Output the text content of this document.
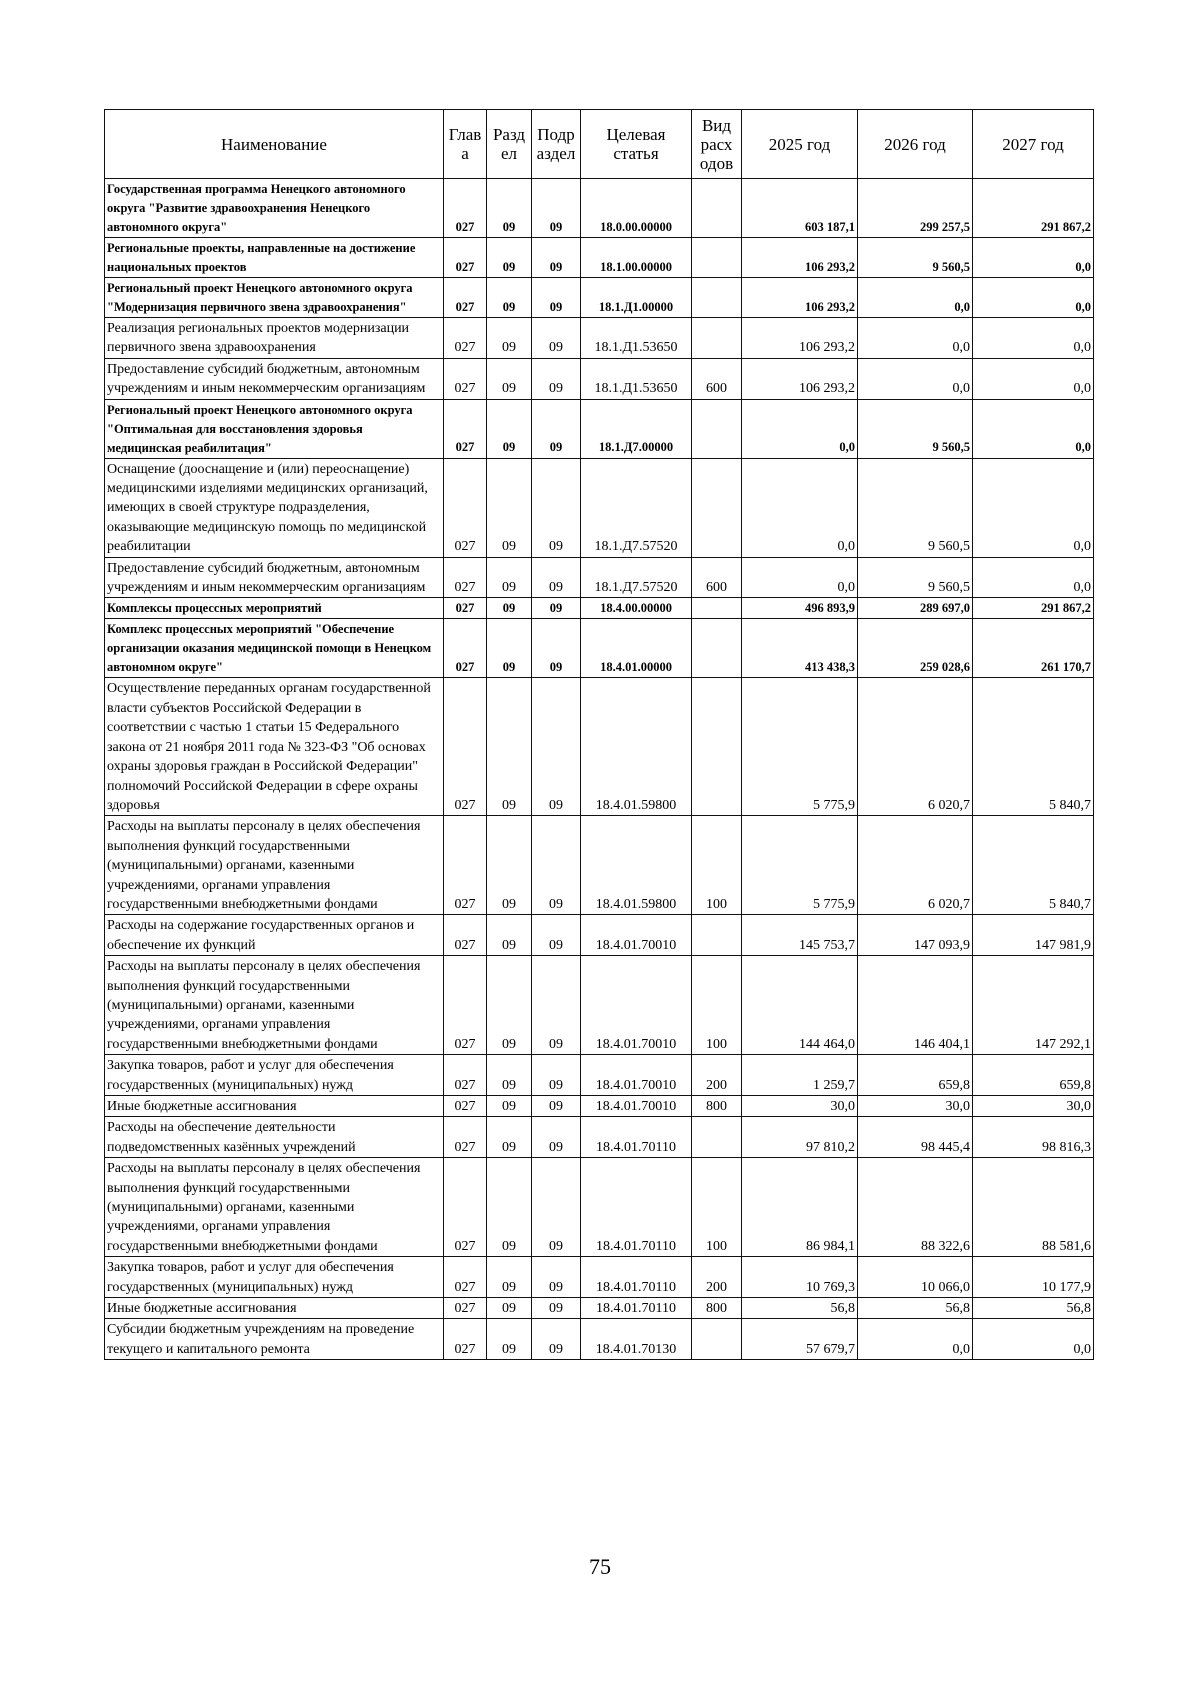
Наименование	Глав а	Разд ел	Подр аздел	Целевая статья	Вид расх одов	2025 год	2026 год	2027 год
Государственная программа Ненецкого автономного округа "Развитие здравоохранения Ненецкого автономного округа"	027	09	09	18.0.00.00000		603 187,1	299 257,5	291 867,2
Региональные проекты, направленные на достижение национальных проектов	027	09	09	18.1.00.00000		106 293,2	9 560,5	0,0
Региональный проект Ненецкого автономного округа "Модернизация первичного звена здравоохранения"	027	09	09	18.1.Д1.00000		106 293,2	0,0	0,0
Реализация региональных проектов модернизации первичного звена здравоохранения	027	09	09	18.1.Д1.53650		106 293,2	0,0	0,0
Предоставление субсидий бюджетным, автономным учреждениям и иным некоммерческим организациям	027	09	09	18.1.Д1.53650	600	106 293,2	0,0	0,0
Региональный проект Ненецкого автономного округа "Оптимальная для восстановления здоровья медицинская реабилитация"	027	09	09	18.1.Д7.00000		0,0	9 560,5	0,0
Оснащение (дооснащение и (или) переоснащение) медицинскими изделиями медицинских организаций, имеющих в своей структуре подразделения, оказывающие медицинскую помощь по медицинской реабилитации	027	09	09	18.1.Д7.57520		0,0	9 560,5	0,0
Предоставление субсидий бюджетным, автономным учреждениям и иным некоммерческим организациям	027	09	09	18.1.Д7.57520	600	0,0	9 560,5	0,0
Комплексы процессных мероприятий	027	09	09	18.4.00.00000		496 893,9	289 697,0	291 867,2
Комплекс процессных мероприятий "Обеспечение организации оказания медицинской помощи в Ненецком автономном округе"	027	09	09	18.4.01.00000		413 438,3	259 028,6	261 170,7
Осуществление переданных органам государственной власти субъектов Российской Федерации в соответствии с частью 1 статьи 15 Федерального закона от 21 ноября 2011 года № 323-ФЗ "Об основах охраны здоровья граждан в Российской Федерации" полномочий Российской Федерации в сфере охраны здоровья	027	09	09	18.4.01.59800		5 775,9	6 020,7	5 840,7
Расходы на выплаты персоналу в целях обеспечения выполнения функций государственными (муниципальными) органами, казенными учреждениями, органами управления государственными внебюджетными фондами	027	09	09	18.4.01.59800	100	5 775,9	6 020,7	5 840,7
Расходы на содержание государственных органов и обеспечение их функций	027	09	09	18.4.01.70010		145 753,7	147 093,9	147 981,9
Расходы на выплаты персоналу в целях обеспечения выполнения функций государственными (муниципальными) органами, казенными учреждениями, органами управления государственными внебюджетными фондами	027	09	09	18.4.01.70010	100	144 464,0	146 404,1	147 292,1
Закупка товаров, работ и услуг для обеспечения государственных (муниципальных) нужд	027	09	09	18.4.01.70010	200	1 259,7	659,8	659,8
Иные бюджетные ассигнования	027	09	09	18.4.01.70010	800	30,0	30,0	30,0
Расходы на обеспечение деятельности подведомственных казённых учреждений	027	09	09	18.4.01.70110		97 810,2	98 445,4	98 816,3
Расходы на выплаты персоналу в целях обеспечения выполнения функций государственными (муниципальными) органами, казенными учреждениями, органами управления государственными внебюджетными фондами	027	09	09	18.4.01.70110	100	86 984,1	88 322,6	88 581,6
Закупка товаров, работ и услуг для обеспечения государственных (муниципальных) нужд	027	09	09	18.4.01.70110	200	10 769,3	10 066,0	10 177,9
Иные бюджетные ассигнования	027	09	09	18.4.01.70110	800	56,8	56,8	56,8
Субсидии бюджетным учреждениям на проведение текущего и капитального ремонта	027	09	09	18.4.01.70130		57 679,7	0,0	0,0
75
